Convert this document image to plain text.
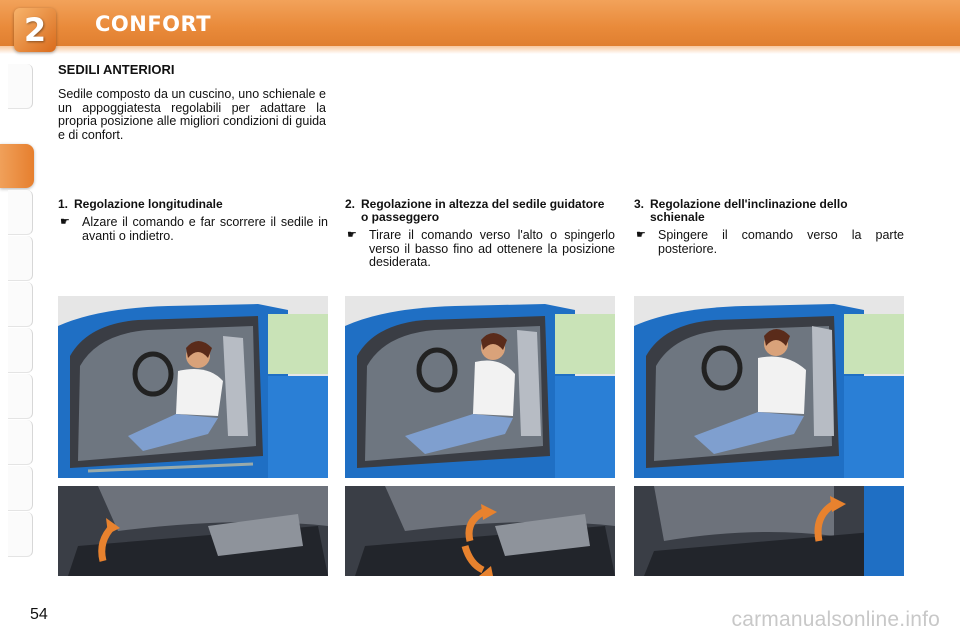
2	CONFORT
SEDILI ANTERIORI
Sedile composto da un cuscino, uno schienale e un appoggiatesta regolabili per adattare la propria posizione alle migliori condizioni di guida e di confort.
1. Regolazione longitudinale
☛ Alzare il comando e far scorrere il sedile in avanti o indietro.
2. Regolazione in altezza del sedile guidatore o passeggero
☛ Tirare il comando verso l'alto o spingerlo verso il basso fino ad ottenere la posizione desiderata.
3. Regolazione dell'inclinazione dello schienale
☛ Spingere il comando verso la parte posteriore.
54	carmanualsonline.info
